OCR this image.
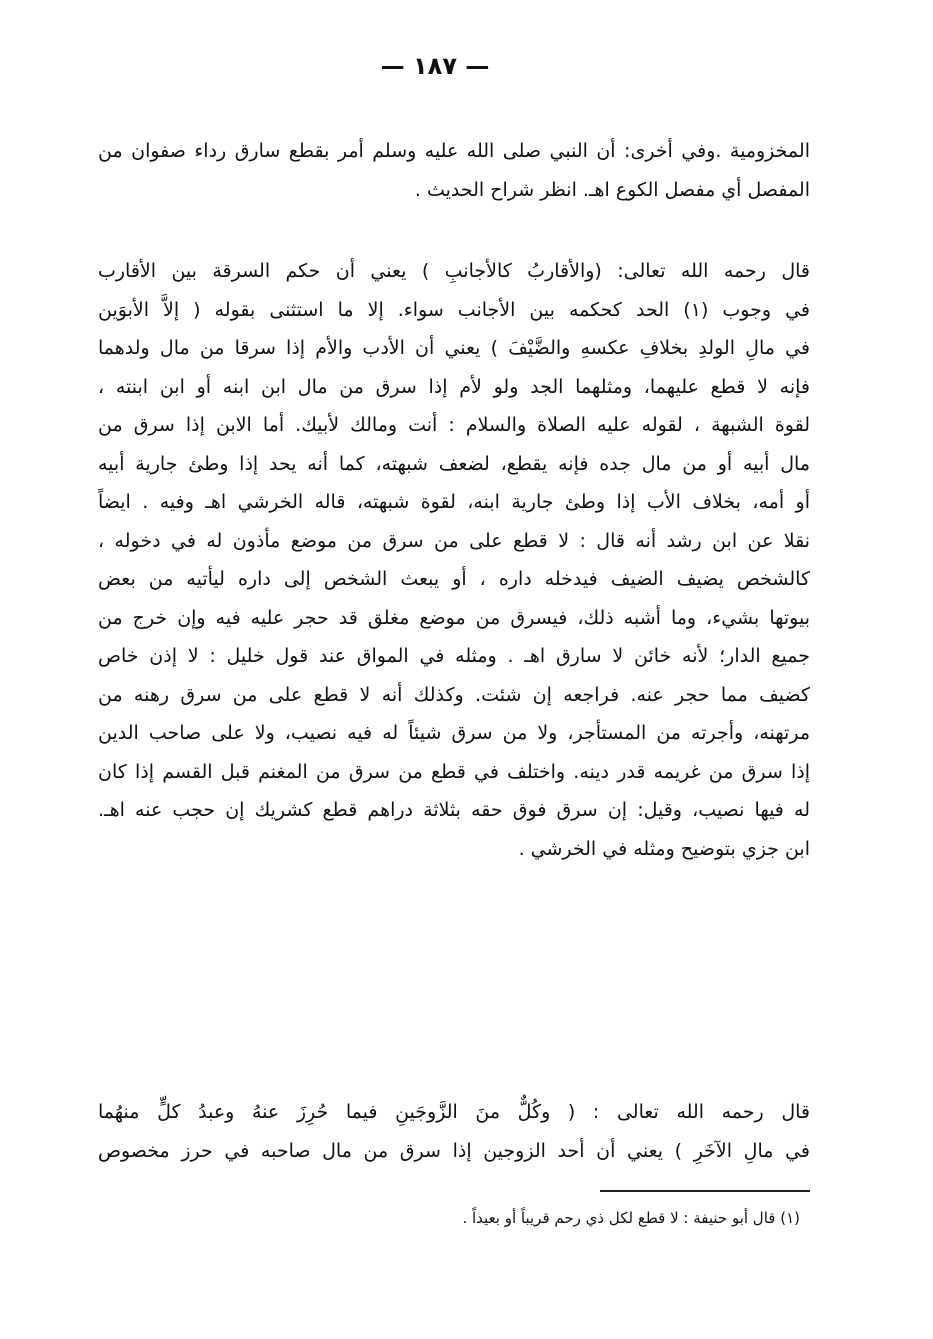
— ١٨٧ —
المخزومية .وفي أخرى: أن النبي صلى الله عليه وسلم أمر بقطع سارق رداء صفوان من
المفصل أي مفصل الكوع اهـ. انظر شراح الحديث .
قال رحمه الله تعالى: (والأقاربُ كالأجانبِ ) يعني أن حكم السرقة بين الأقارب
في وجوب (١) الحد كحكمه بين الأجانب سواء. إلا ما استثنى بقوله ( إلاَّ الأبوَين
في مالِ الولدِ بخلافِ عكسهِ والضَّيْفَ ) يعني أن الأدب والأم إذا سرقا من مال ولدهما
فإنه لا قطع عليهما، ومثلهما الجد ولو لأم إذا سرق من مال ابن ابنه أو ابن ابنته ،
لقوة الشبهة ، لقوله عليه الصلاة والسلام : أنت ومالك لأبيك. أما الابن إذا سرق من
مال أبيه أو من مال جده فإنه يقطع، لضعف شبهته، كما أنه يحد إذا وطئ جارية أبيه
أو أمه، بخلاف الأب إذا وطئ جارية ابنه، لقوة شبهته، قاله الخرشي اهـ وفيه . ايضاً
نقلا عن ابن رشد أنه قال : لا قطع على من سرق من موضع مأذون له في دخوله ،
كالشخص يضيف الضيف فيدخله داره ، أو يبعث الشخص إلى داره ليأتيه من بعض
بيوتها بشيء، وما أشبه ذلك، فيسرق من موضع مغلق قد حجر عليه فيه وإن خرج من
جميع الدار؛ لأنه خائن لا سارق اهـ . ومثله في المواق عند قول خليل : لا إذن خاص
كضيف مما حجر عنه. فراجعه إن شئت. وكذلك أنه لا قطع على من سرق رهنه من
مرتهنه، وأجرته من المستأجر، ولا من سرق شيئاً له فيه نصيب، ولا على صاحب الدين
إذا سرق من غريمه قدر دينه. واختلف في قطع من سرق من المغنم قبل القسم إذا كان
له فيها نصيب، وقيل: إن سرق فوق حقه بثلاثة دراهم قطع كشريك إن حجب عنه اهـ.
ابن جزي بتوضيح ومثله في الخرشي .
قال رحمه الله تعالى : ( وكُلٌّ منَ الزَّوجَينِ فيما حُرِزَ عنهُ وعبدُ كلٍّ منهُما
في مالِ الآخَرِ ) يعني أن أحد الزوجين إذا سرق من مال صاحبه في حرز مخصوص
(١) قال أبو حنيفة : لا قطع لكل ذي رحم قريباً أو بعيداً .
